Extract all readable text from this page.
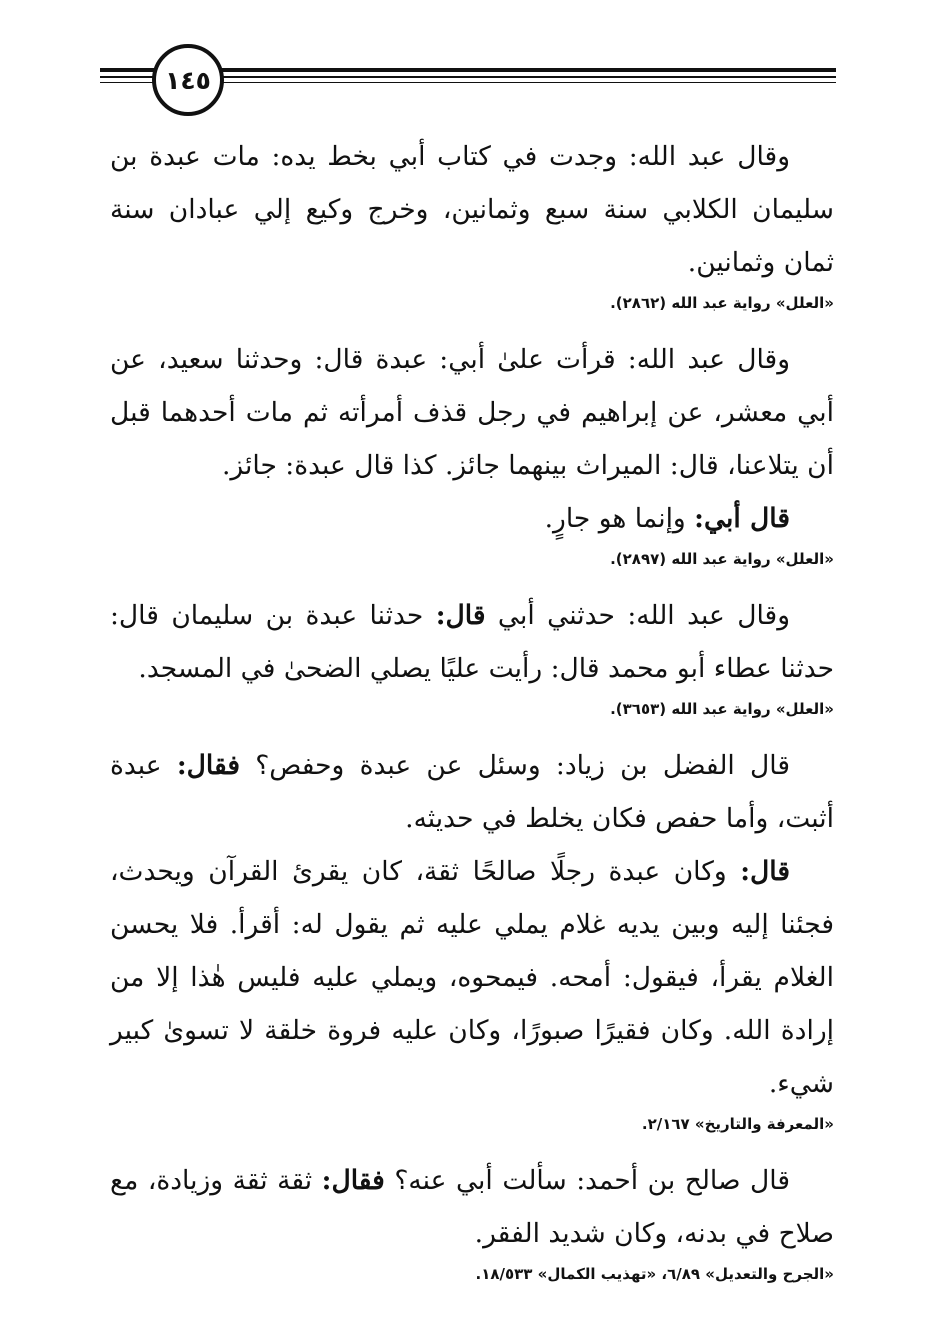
١٤٥

وقال عبد الله: وجدت في كتاب أبي بخط يده: مات عبدة بن سليمان الكلابي سنة سبع وثمانين، وخرج وكيع إلي عبادان سنة ثمان وثمانين.

«العلل» رواية عبد الله (٢٨٦٢).

وقال عبد الله: قرأت علىٰ أبي: عبدة قال: وحدثنا سعيد، عن أبي معشر، عن إبراهيم في رجل قذف أمرأته ثم مات أحدهما قبل أن يتلاعنا، قال: الميراث بينهما جائز. كذا قال عبدة: جائز.

قال أبي: وإنما هو جارٍ.

«العلل» رواية عبد الله (٢٨٩٧).

وقال عبد الله: حدثني أبي قال: حدثنا عبدة بن سليمان قال: حدثنا عطاء أبو محمد قال: رأيت عليًا يصلي الضحىٰ في المسجد.

«العلل» رواية عبد الله (٣٦٥٣).

قال الفضل بن زياد: وسئل عن عبدة وحفص؟ فقال: عبدة أثبت، وأما حفص فكان يخلط في حديثه.

قال: وكان عبدة رجلًا صالحًا ثقة، كان يقرئ القرآن ويحدث، فجئنا إليه وبين يديه غلام يملي عليه ثم يقول له: أقرأ. فلا يحسن الغلام يقرأ، فيقول: أمحه. فيمحوه، ويملي عليه فليس هٰذا إلا من إرادة الله. وكان فقيرًا صبورًا، وكان عليه فروة خلقة لا تسوىٰ كبير شيء.

«المعرفة والتاريخ» ٢/١٦٧.

قال صالح بن أحمد: سألت أبي عنه؟ فقال: ثقة ثقة وزيادة، مع صلاح في بدنه، وكان شديد الفقر.

«الجرح والتعديل» ٦/٨٩، «تهذيب الكمال» ١٨/٥٣٣.
